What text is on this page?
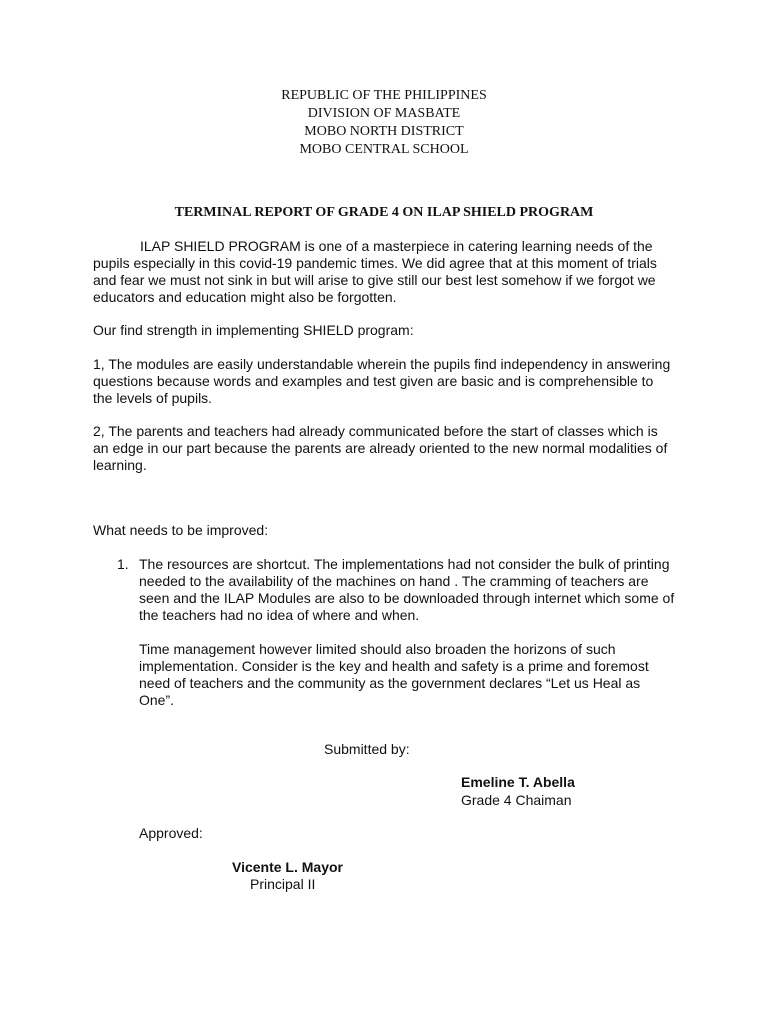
REPUBLIC OF THE PHILIPPINES
DIVISION OF MASBATE
MOBO NORTH DISTRICT
MOBO CENTRAL SCHOOL
TERMINAL REPORT OF GRADE 4 ON ILAP SHIELD PROGRAM

ILAP SHIELD PROGRAM is one of a masterpiece in catering learning needs of the pupils especially in this covid-19 pandemic times. We did agree that at this moment of trials and fear we must not sink in but will arise to give still our best lest somehow if we forgot we educators and education might also be forgotten.

Our find strength in implementing SHIELD program:

1, The modules are easily understandable wherein the pupils find independency in answering questions because words and examples and test given are basic and is comprehensible to the levels of pupils.

2, The parents and teachers had already communicated before the start of classes which is an edge in our part because the parents are already oriented to the new normal modalities of learning.

What needs to be improved:

1. The resources are shortcut. The implementations had not consider the bulk of printing needed to the availability of the machines on hand . The cramming of teachers are seen and the ILAP Modules are also to be downloaded through internet which some of the teachers had no idea of where and when.

Time management however limited should also broaden the horizons of such implementation. Consider is the key and health and safety is a prime and foremost need of teachers and the community as the government declares “Let us Heal as One”.

Submitted by:
Emeline T. Abella
Grade 4 Chaiman
Approved:
Vicente L. Mayor
Principal II
